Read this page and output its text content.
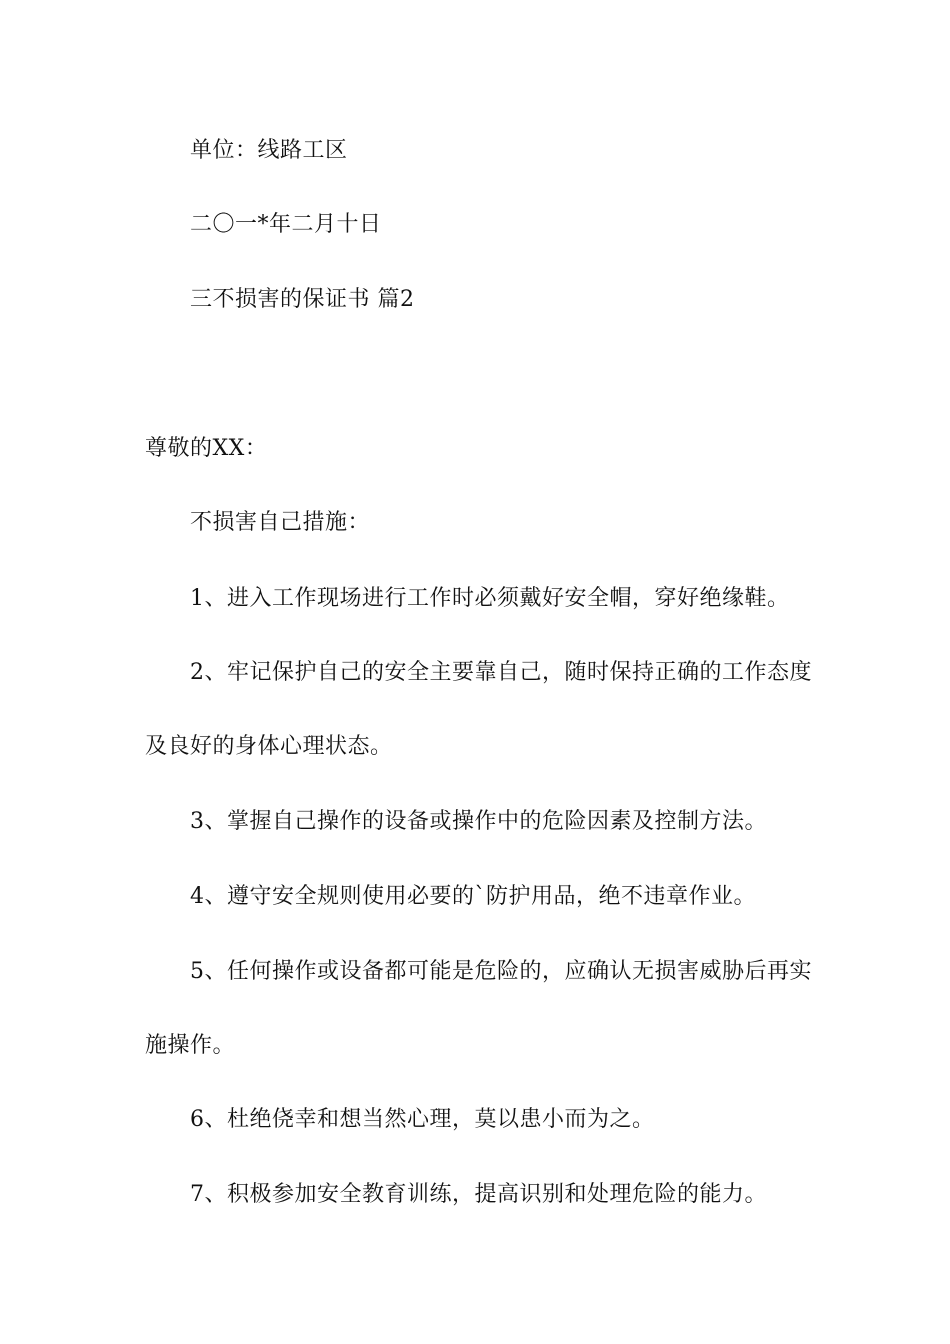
单位：线路工区

二〇一*年二月十日

三不损害的保证书 篇2

尊敬的XX：

不损害自己措施：

1、进入工作现场进行工作时必须戴好安全帽，穿好绝缘鞋。

2、牢记保护自己的安全主要靠自己，随时保持正确的工作态度

及良好的身体心理状态。

3、掌握自己操作的设备或操作中的危险因素及控制方法。

4、遵守安全规则使用必要的`防护用品，绝不违章作业。

5、任何操作或设备都可能是危险的，应确认无损害威胁后再实

施操作。

6、杜绝侥幸和想当然心理，莫以患小而为之。

7、积极参加安全教育训练，提高识别和处理危险的能力。
